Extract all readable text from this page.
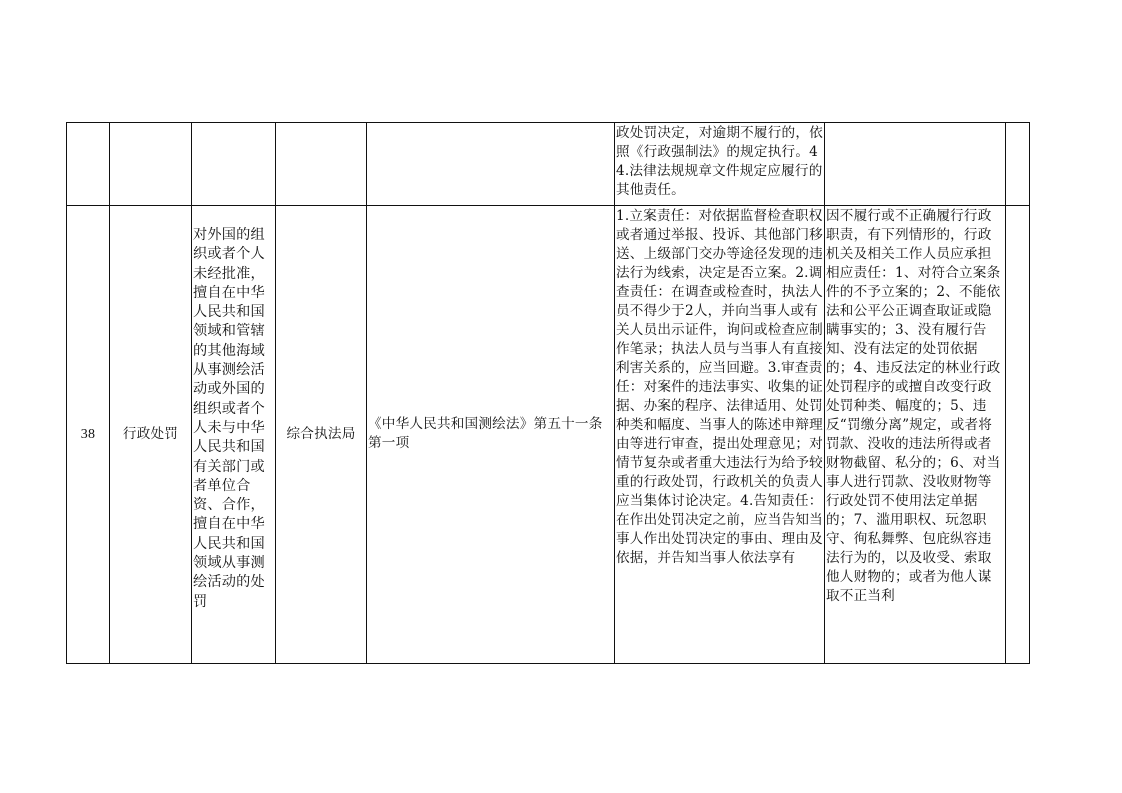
政处罚决定，对逾期不履行的，依照《行政强制法》的规定执行。44.法律法规规章文件规定应履行的其他责任。
38	行政处罚
对外国的组织或者个人未经批准，擅自在中华人民共和国领域和管辖的其他海域从事测绘活动或外国的组织或者个人未与中华人民共和国有关部门或者单位合资、合作，擅自在中华人民共和国领域从事测绘活动的处罚
综合执法局
《中华人民共和国测绘法》第五十一条第一项
1.立案责任：对依据监督检查职权或者通过举报、投诉、其他部门移送、上级部门交办等途径发现的违法行为线索，决定是否立案。2.调查责任：在调查或检查时，执法人员不得少于2人，并向当事人或有关人员出示证件，询问或检查应制作笔录；执法人员与当事人有直接利害关系的，应当回避。3.审查责任：对案件的违法事实、收集的证据、办案的程序、法律适用、处罚种类和幅度、当事人的陈述申辩理由等进行审查，提出处理意见；对情节复杂或者重大违法行为给予较重的行政处罚，行政机关的负责人应当集体讨论决定。4.告知责任：在作出处罚决定之前，应当告知当事人作出处罚决定的事由、理由及依据，并告知当事人依法享有
因不履行或不正确履行行政职责，有下列情形的，行政机关及相关工作人员应承担相应责任：1、对符合立案条件的不予立案的；2、不能依法和公平公正调查取证或隐瞒事实的；3、没有履行告知、没有法定的处罚依据的；4、违反法定的林业行政处罚程序的或擅自改变行政处罚种类、幅度的；5、违反“罚缴分离”规定，或者将罚款、没收的违法所得或者财物截留、私分的；6、对当事人进行罚款、没收财物等行政处罚不使用法定单据的；7、滥用职权、玩忽职守、徇私舞弊、包庇纵容违法行为的，以及收受、索取他人财物的；或者为他人谋取不正当利
